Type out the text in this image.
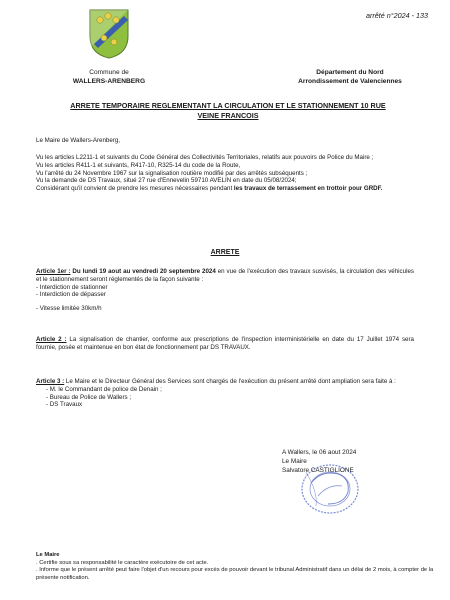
arrêté n°2024 - 133
Commune de
WALLERS-ARENBERG
Département du Nord
Arrondissement de Valenciennes
ARRETE TEMPORAIRE REGLEMENTANT LA CIRCULATION ET LE STATIONNEMENT 10 RUE
VEINE FRANCOIS
Le Maire de Wallers-Arenberg,

Vu les articles L2211-1 et suivants du Code Général des Collectivités Territoriales, relatifs aux pouvoirs de Police du Maire ;

Vu les articles R411-1 et suivants, R417-10, R325-14 du code de la Route,

Vu l'arrêté du 24 Novembre 1967 sur la signalisation routière modifié par des arrêtés subséquents ;

Vu la demande de DS Travaux, situé 27 rue d'Ennevelin 59710 AVELIN en date du 05/08/2024;

Considérant qu'il convient de prendre les mesures nécessaires pendant les travaux de terrassement en trottoir pour GRDF.

ARRETE

Article 1er : Du lundi 19 aout au vendredi 20 septembre 2024 en vue de l'exécution des travaux susvisés, la circulation des véhicules et le stationnement seront réglementés de la façon suivante :

- Interdiction de stationner

- Interdiction de dépasser

- Vitesse limitée 30km/h

Article 2 : La signalisation de chantier, conforme aux prescriptions de l'inspection interministérielle en date du 17 Juillet 1974 sera fournie, posée et maintenue en bon état de fonctionnement par DS TRAVAUX.

Article 3 : Le Maire et le Directeur Général des Services sont chargés de l'exécution du présent arrêté dont ampliation sera faite à :

- M. le Commandant de police de Denain ;

- Bureau de Police de Wallers ;

- DS Travaux

A Wallers, le 06 aout 2024
Le Maire
Salvatore CASTIGLIONE

Le Maire

. Certifie sous sa responsabilité le caractère exécutoire de cet acte.

. Informe que le présent arrêté peut faire l'objet d'un recours pour excès de pouvoir devant le tribunal Administratif dans un délai de 2 mois, à compter de la présente notification.
